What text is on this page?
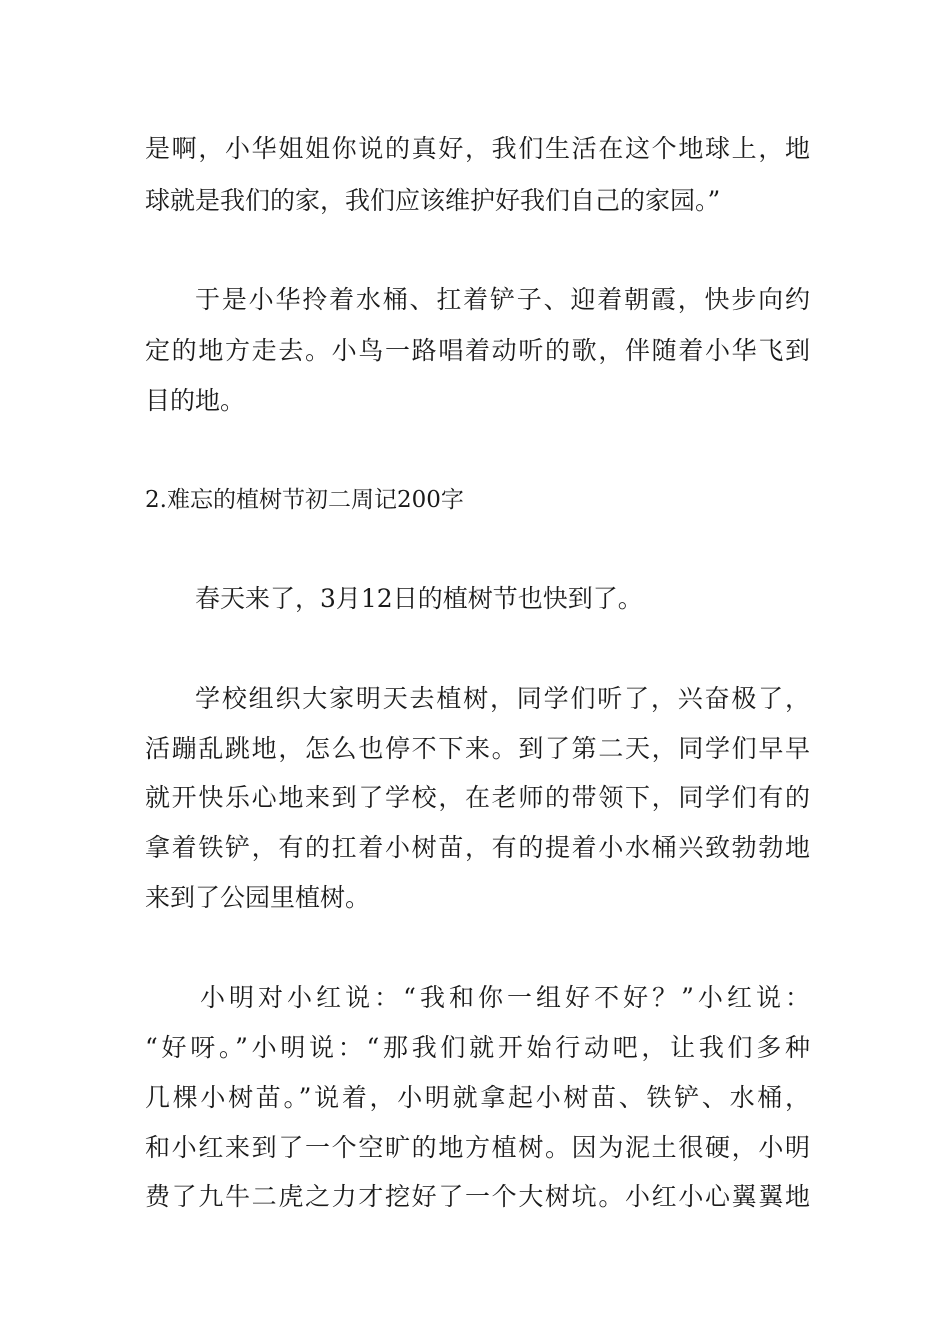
是啊，小华姐姐你说的真好，我们生活在这个地球上，地
球就是我们的家，我们应该维护好我们自己的家园。”
于是小华拎着水桶、扛着铲子、迎着朝霞，快步向约
定的地方走去。小鸟一路唱着动听的歌，伴随着小华飞到
目的地。
2.难忘的植树节初二周记200字
春天来了，3月12日的植树节也快到了。
学校组织大家明天去植树，同学们听了，兴奋极了，
活蹦乱跳地，怎么也停不下来。到了第二天，同学们早早
就开快乐心地来到了学校，在老师的带领下，同学们有的
拿着铁铲，有的扛着小树苗，有的提着小水桶兴致勃勃地
来到了公园里植树。
小明对小红说：“我和你一组好不好？”小红说：
“好呀。”小明说：“那我们就开始行动吧，让我们多种
几棵小树苗。”说着，小明就拿起小树苗、铁铲、水桶，
和小红来到了一个空旷的地方植树。因为泥土很硬，小明
费了九牛二虎之力才挖好了一个大树坑。小红小心翼翼地
